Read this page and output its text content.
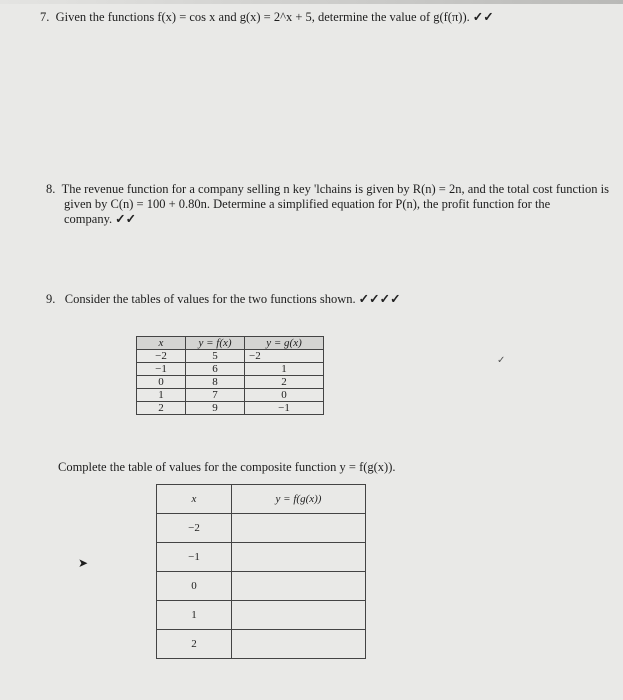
7. Given the functions f(x) = cos x and g(x) = 2^x + 5, determine the value of g(f(π)). ✓✓
8. The revenue function for a company selling n key 'lchains is given by R(n) = 2n, and the total cost function is
given by C(n) = 100 + 0.80n. Determine a simplified equation for P(n), the profit function for the company. ✓✓
9. Consider the tables of values for the two functions shown. ✓✓✓✓
x	y = f(x)	y = g(x)
−2	5	−2
−1	6	1
0	8	2
1	7	0
2	9	−1
✓
Complete the table of values for the composite function y = f(g(x)).
x	y = f(g(x))
−2	
−1	
0	
1	
2	
➤
